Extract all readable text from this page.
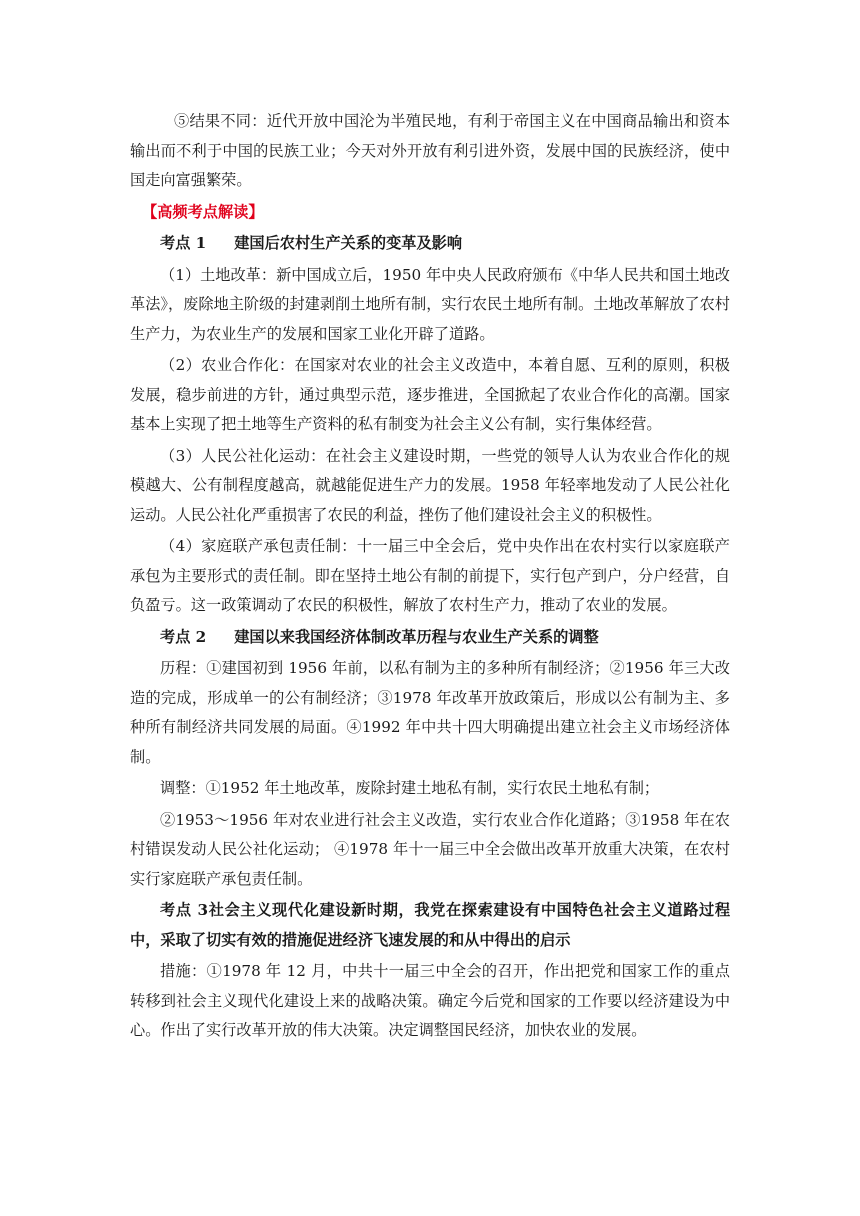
⑤结果不同：近代开放中国沦为半殖民地，有利于帝国主义在中国商品输出和资本输出而不利于中国的民族工业；今天对外开放有利引进外资，发展中国的民族经济，使中国走向富强繁荣。

【高频考点解读】

考点 1 建国后农村生产关系的变革及影响

（1）土地改革：新中国成立后，1950 年中央人民政府颁布《中华人民共和国土地改革法》，废除地主阶级的封建剥削土地所有制，实行农民土地所有制。土地改革解放了农村生产力，为农业生产的发展和国家工业化开辟了道路。

（2）农业合作化：在国家对农业的社会主义改造中，本着自愿、互利的原则，积极发展，稳步前进的方针，通过典型示范，逐步推进，全国掀起了农业合作化的高潮。国家基本上实现了把土地等生产资料的私有制变为社会主义公有制，实行集体经营。

（3）人民公社化运动：在社会主义建设时期，一些党的领导人认为农业合作化的规模越大、公有制程度越高，就越能促进生产力的发展。1958 年轻率地发动了人民公社化运动。人民公社化严重损害了农民的利益，挫伤了他们建设社会主义的积极性。

（4）家庭联产承包责任制：十一届三中全会后，党中央作出在农村实行以家庭联产承包为主要形式的责任制。即在坚持土地公有制的前提下，实行包产到户，分户经营，自负盈亏。这一政策调动了农民的积极性，解放了农村生产力，推动了农业的发展。

考点 2 建国以来我国经济体制改革历程与农业生产关系的调整

历程：①建国初到 1956 年前，以私有制为主的多种所有制经济；②1956 年三大改造的完成，形成单一的公有制经济；③1978 年改革开放政策后，形成以公有制为主、多种所有制经济共同发展的局面。④1992 年中共十四大明确提出建立社会主义市场经济体制。

调整：①1952 年土地改革，废除封建土地私有制，实行农民土地私有制；

②1953～1956 年对农业进行社会主义改造，实行农业合作化道路；③1958 年在农村错误发动人民公社化运动； ④1978 年十一届三中全会做出改革开放重大决策，在农村实行家庭联产承包责任制。

考点 3社会主义现代化建设新时期，我党在探索建设有中国特色社会主义道路过程中，采取了切实有效的措施促进经济飞速发展的和从中得出的启示

措施：①1978 年 12 月，中共十一届三中全会的召开，作出把党和国家工作的重点转移到社会主义现代化建设上来的战略决策。确定今后党和国家的工作要以经济建设为中心。作出了实行改革开放的伟大决策。决定调整国民经济，加快农业的发展。
